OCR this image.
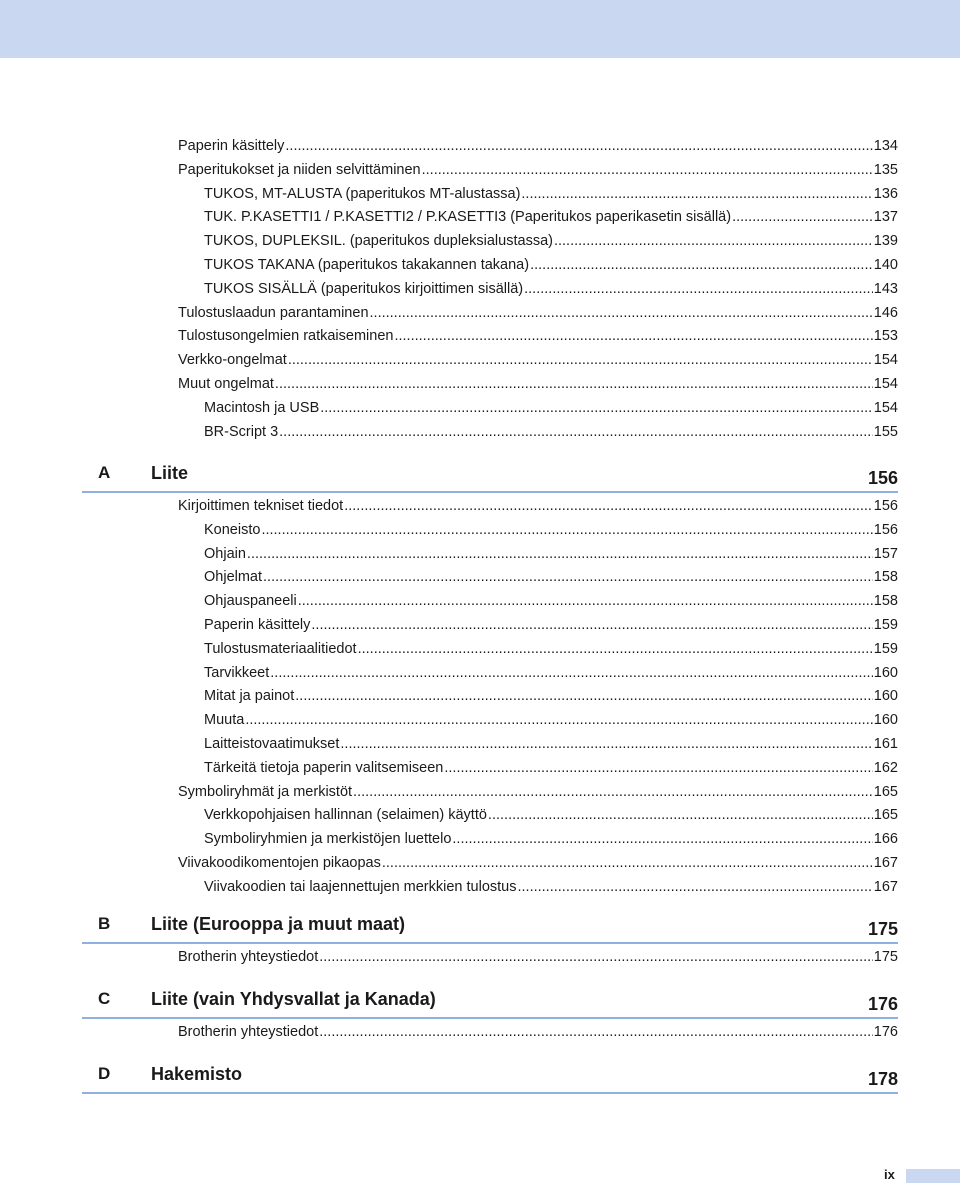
Paperin käsittely .....	134
Paperitukokset ja niiden selvittäminen .....	135
TUKOS, MT-ALUSTA (paperitukos MT-alustassa) .....	136
TUK. P.KASETTI1 / P.KASETTI2 / P.KASETTI3 (Paperitukos paperikasetin sisällä) .....	137
TUKOS, DUPLEKSIL. (paperitukos dupleksialustassa) .....	139
TUKOS TAKANA (paperitukos takakannen takana) .....	140
TUKOS SISÄLLÄ (paperitukos kirjoittimen sisällä) .....	143
Tulostuslaadun parantaminen .....	146
Tulostusongelmien ratkaiseminen .....	153
Verkko-ongelmat .....	154
Muut ongelmat .....	154
Macintosh ja USB .....	154
BR-Script 3 .....	155
A Liite	156
Kirjoittimen tekniset tiedot .....	156
Koneisto .....	156
Ohjain .....	157
Ohjelmat .....	158
Ohjauspaneeli .....	158
Paperin käsittely .....	159
Tulostusmateriaalitiedot .....	159
Tarvikkeet .....	160
Mitat ja painot .....	160
Muuta .....	160
Laitteistovaatimukset .....	161
Tärkeitä tietoja paperin valitsemiseen .....	162
Symboliryhmät ja merkistöt .....	165
Verkkopohjaisen hallinnan (selaimen) käyttö .....	165
Symboliryhmien ja merkistöjen luettelo .....	166
Viivakoodikomentojen pikaopas .....	167
Viivakoodien tai laajennettujen merkkien tulostus .....	167
B Liite (Eurooppa ja muut maat)	175
Brotherin yhteystiedot .....	175
C Liite (vain Yhdysvallat ja Kanada)	176
Brotherin yhteystiedot .....	176
D Hakemisto	178
ix
